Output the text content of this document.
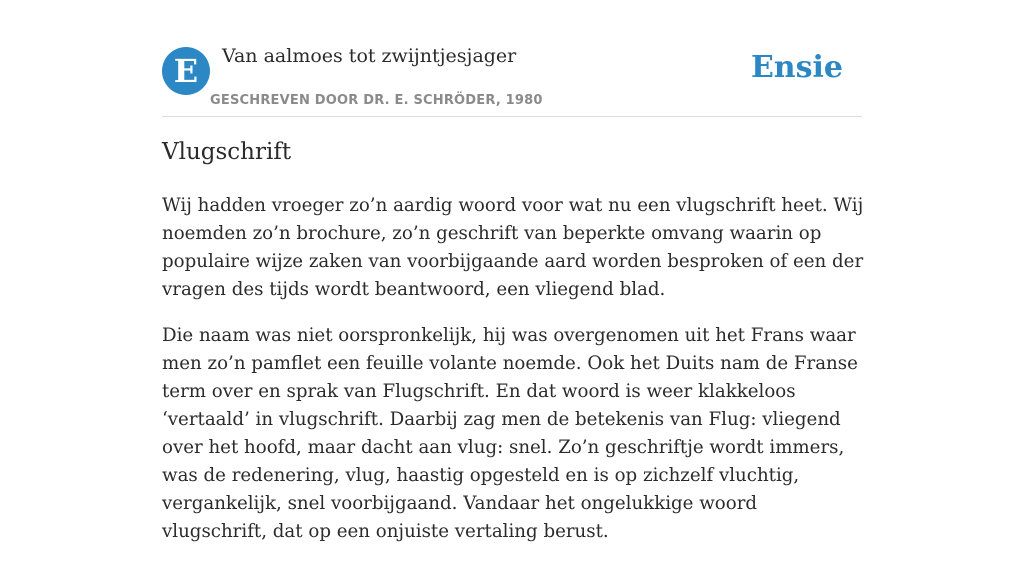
E	Van aalmoes tot zwijntjesjager
GESCHREVEN DOOR DR. E. SCHRÖDER, 1980
Ensie
Vlugschrift

Wij hadden vroeger zo’n aardig woord voor wat nu een vlugschrift heet. Wij noemden zo’n brochure, zo’n geschrift van beperkte omvang waarin op populaire wijze zaken van voorbijgaande aard worden besproken of een der vragen des tijds wordt beantwoord, een vliegend blad.

Die naam was niet oorspronkelijk, hij was overgenomen uit het Frans waar men zo’n pamflet een feuille volante noemde. Ook het Duits nam de Franse term over en sprak van Flugschrift. En dat woord is weer klakkeloos ‘vertaald’ in vlugschrift. Daarbij zag men de betekenis van Flug: vliegend over het hoofd, maar dacht aan vlug: snel. Zo’n geschriftje wordt immers, was de redenering, vlug, haastig opgesteld en is op zichzelf vluchtig, vergankelijk, snel voorbijgaand. Vandaar het ongelukkige woord vlugschrift, dat op een onjuiste vertaling berust.
